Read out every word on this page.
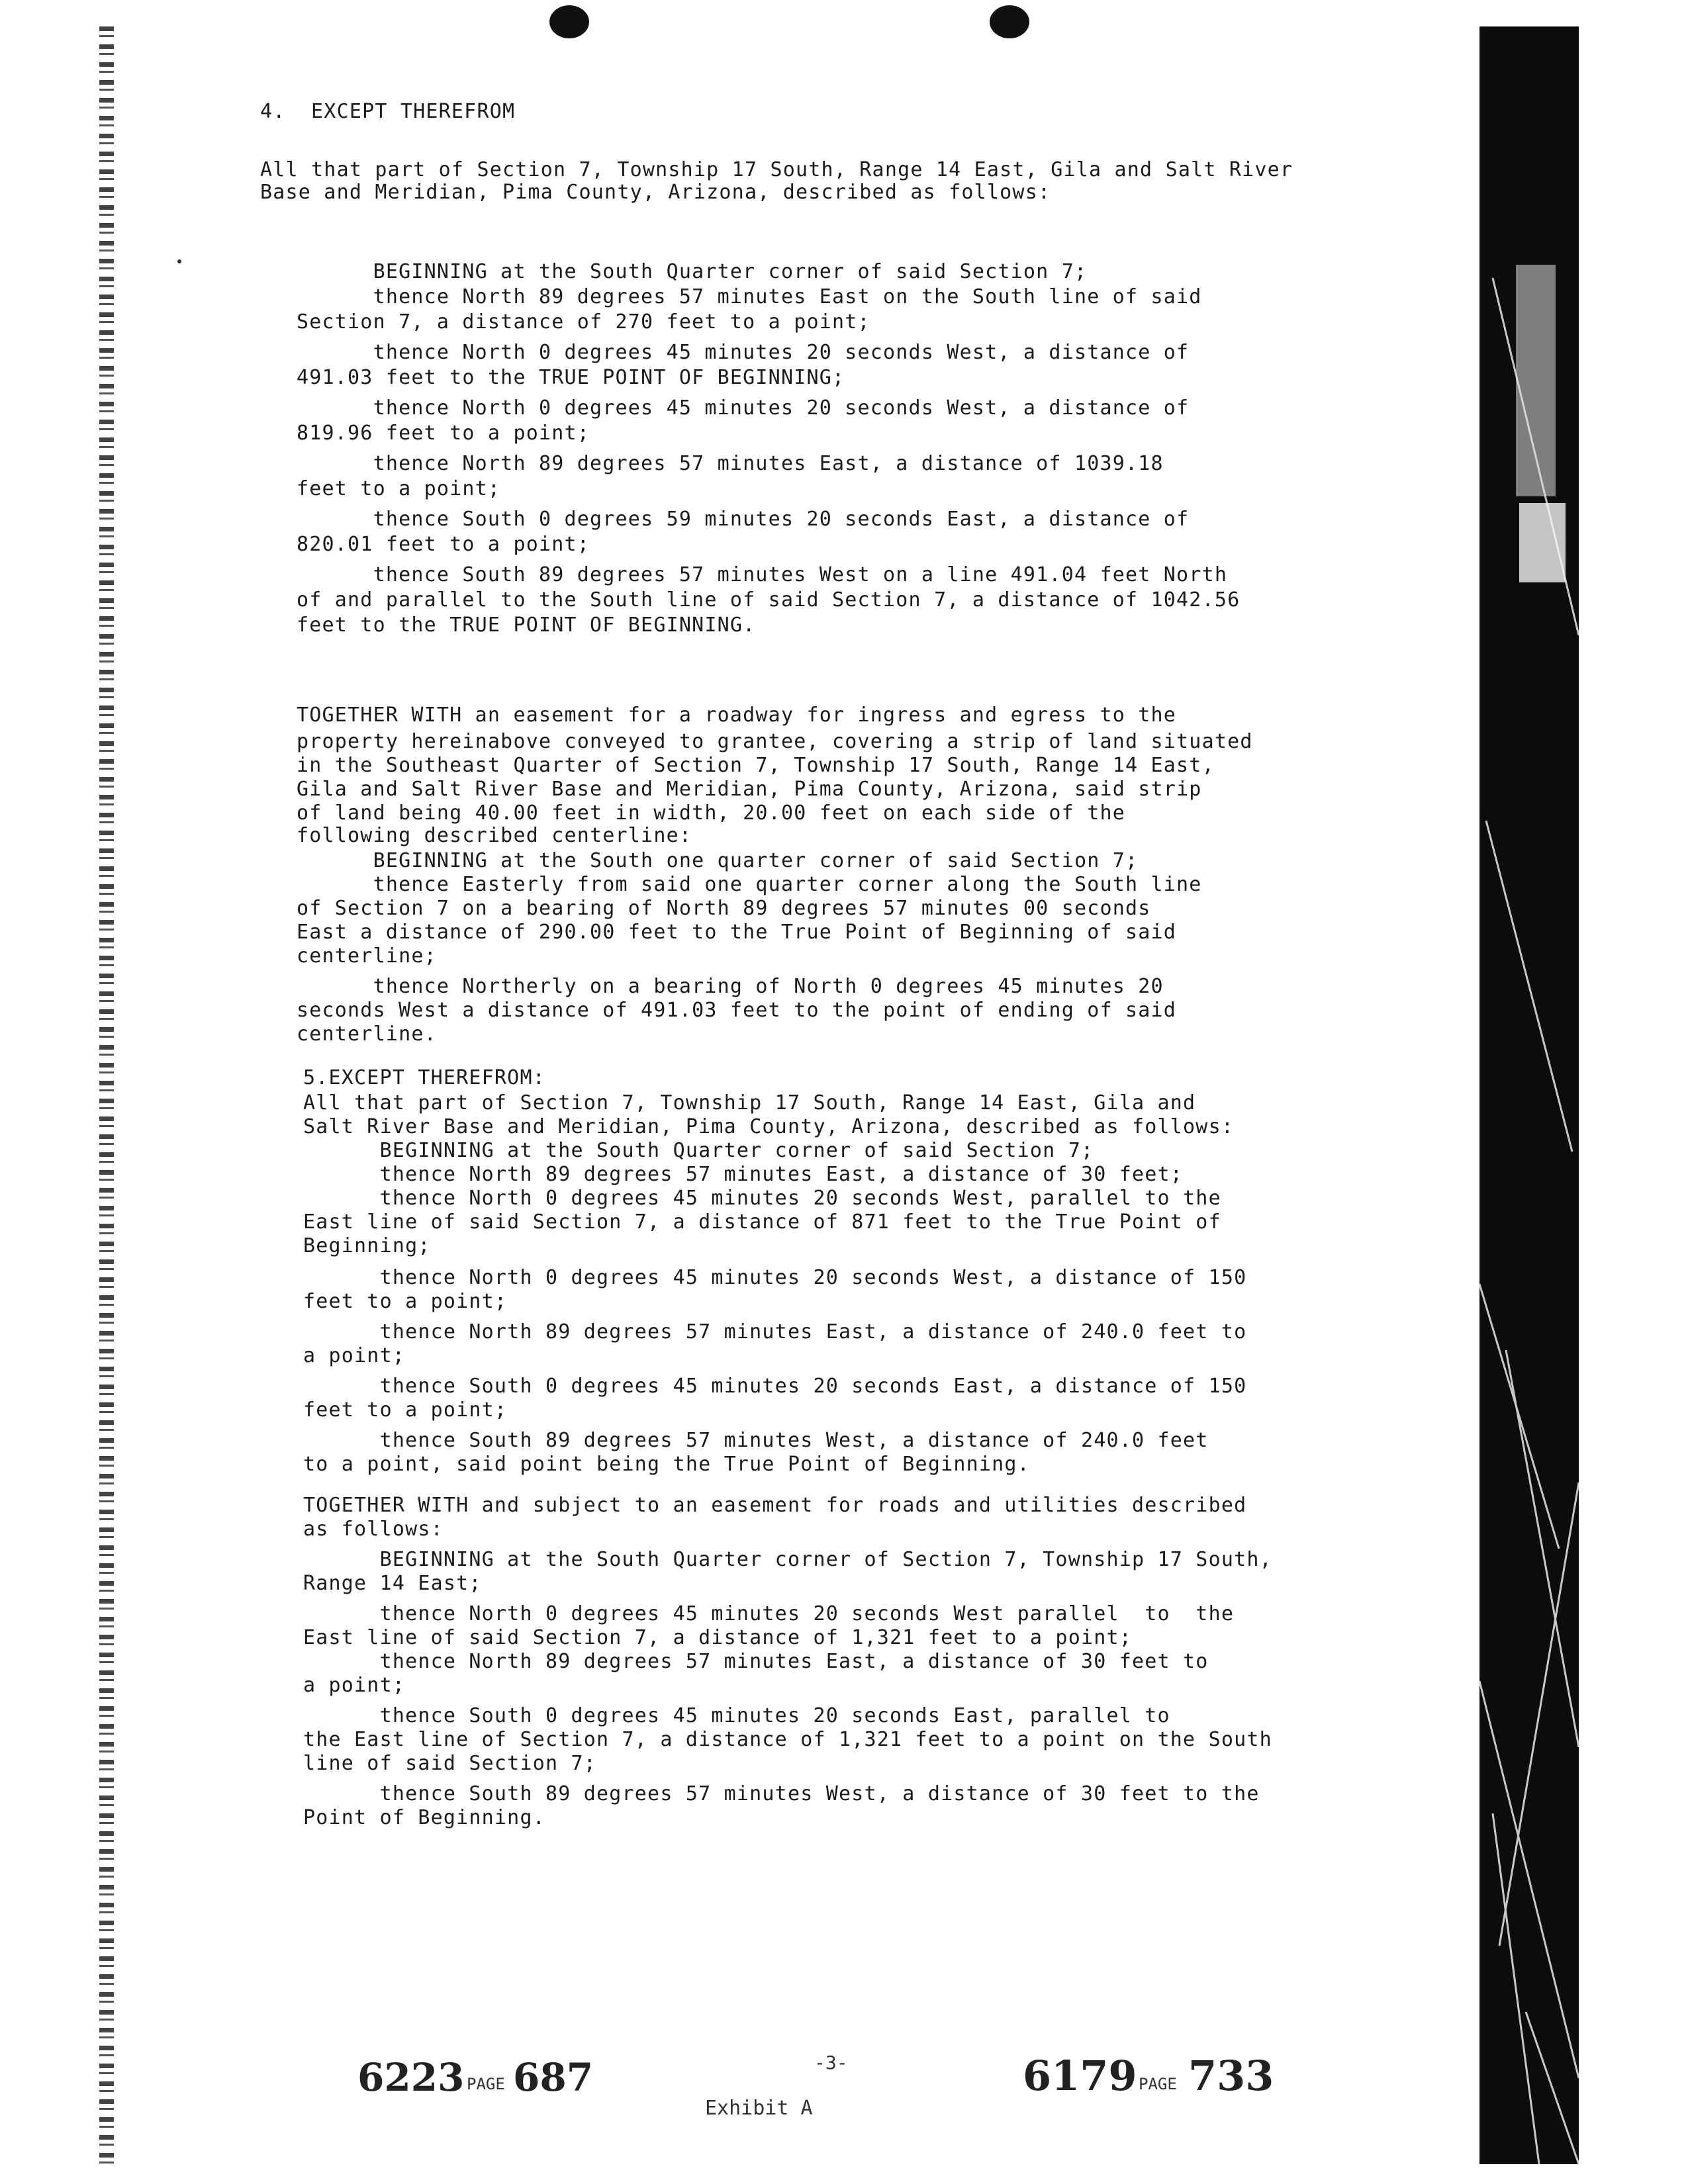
4.  EXCEPT THEREFROM
All that part of Section 7, Township 17 South, Range 14 East, Gila and Salt River
Base and Meridian, Pima County, Arizona, described as follows:
BEGINNING at the South Quarter corner of said Section 7;
thence North 89 degrees 57 minutes East on the South line of said
Section 7, a distance of 270 feet to a point;
thence North 0 degrees 45 minutes 20 seconds West, a distance of
491.03 feet to the TRUE POINT OF BEGINNING;
thence North 0 degrees 45 minutes 20 seconds West, a distance of
819.96 feet to a point;
thence North 89 degrees 57 minutes East, a distance of 1039.18
feet to a point;
thence South 0 degrees 59 minutes 20 seconds East, a distance of
820.01 feet to a point;
thence South 89 degrees 57 minutes West on a line 491.04 feet North
of and parallel to the South line of said Section 7, a distance of 1042.56
feet to the TRUE POINT OF BEGINNING.
TOGETHER WITH an easement for a roadway for ingress and egress to the
property hereinabove conveyed to grantee, covering a strip of land situated
in the Southeast Quarter of Section 7, Township 17 South, Range 14 East,
Gila and Salt River Base and Meridian, Pima County, Arizona, said strip
of land being 40.00 feet in width, 20.00 feet on each side of the
following described centerline:
BEGINNING at the South one quarter corner of said Section 7;
thence Easterly from said one quarter corner along the South line
of Section 7 on a bearing of North 89 degrees 57 minutes 00 seconds
East a distance of 290.00 feet to the True Point of Beginning of said
centerline;
thence Northerly on a bearing of North 0 degrees 45 minutes 20
seconds West a distance of 491.03 feet to the point of ending of said
centerline.
5.EXCEPT THEREFROM:
All that part of Section 7, Township 17 South, Range 14 East, Gila and
Salt River Base and Meridian, Pima County, Arizona, described as follows:
BEGINNING at the South Quarter corner of said Section 7;
thence North 89 degrees 57 minutes East, a distance of 30 feet;
thence North 0 degrees 45 minutes 20 seconds West, parallel to the
East line of said Section 7, a distance of 871 feet to the True Point of
Beginning;
thence North 0 degrees 45 minutes 20 seconds West, a distance of 150
feet to a point;
thence North 89 degrees 57 minutes East, a distance of 240.0 feet to
a point;
thence South 0 degrees 45 minutes 20 seconds East, a distance of 150
feet to a point;
thence South 89 degrees 57 minutes West, a distance of 240.0 feet
to a point, said point being the True Point of Beginning.
TOGETHER WITH and subject to an easement for roads and utilities described
as follows:
BEGINNING at the South Quarter corner of Section 7, Township 17 South,
Range 14 East;
thence North 0 degrees 45 minutes 20 seconds West parallel  to  the
East line of said Section 7, a distance of 1,321 feet to a point;
thence North 89 degrees 57 minutes East, a distance of 30 feet to
a point;
thence South 0 degrees 45 minutes 20 seconds East, parallel to
the East line of Section 7, a distance of 1,321 feet to a point on the South
line of said Section 7;
thence South 89 degrees 57 minutes West, a distance of 30 feet to the
Point of Beginning.
6223 PAGE 687	-3-
Exhibit A
6179 PAGE 733
